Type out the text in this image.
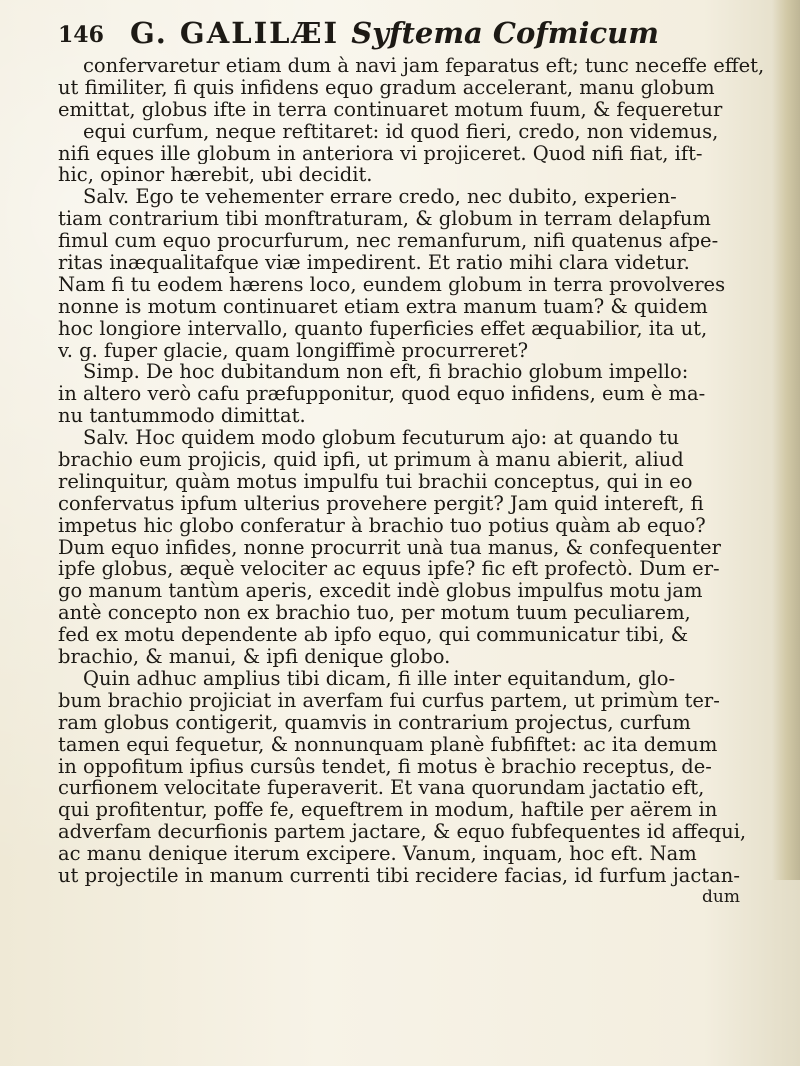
146 G. GALILÆI Syftema Cofmicum
confervaretur etiam dum à navi jam feparatus eft; tunc neceffe effet,
ut fimiliter, fi quis infidens equo gradum accelerant, manu globum
emittat, globus ifte in terra continuaret motum fuum, & fequeretur
equi curfum, neque reftitaret: id quod fieri, credo, non videmus,
nifi eques ille globum in anteriora vi projiceret. Quod nifi fiat, ift-
hic, opinor hærebit, ubi decidit.
Salv. Ego te vehementer errare credo, nec dubito, experien-
tiam contrarium tibi monftraturam, & globum in terram delapfum
fimul cum equo procurfurum, nec remanfurum, nifi quatenus afpe-
ritas inæqualitafque viæ impedirent. Et ratio mihi clara videtur.
Nam fi tu eodem hærens loco, eundem globum in terra provolveres
nonne is motum continuaret etiam extra manum tuam? & quidem
hoc longiore intervallo, quanto fuperficies effet æquabilior, ita ut,
v. g. fuper glacie, quam longiffimè procurreret?
Simp. De hoc dubitandum non eft, fi brachio globum impello:
in altero verò cafu præfupponitur, quod equo infidens, eum è ma-
nu tantummodo dimittat.
Salv. Hoc quidem modo globum fecuturum ajo: at quando tu
brachio eum projicis, quid ipfi, ut primum à manu abierit, aliud
relinquitur, quàm motus impulfu tui brachii conceptus, qui in eo
confervatus ipfum ulterius provehere pergit? Jam quid intereft, fi
impetus hic globo conferatur à brachio tuo potius quàm ab equo?
Dum equo infides, nonne procurrit unà tua manus, & confequenter
ipfe globus, æquè velociter ac equus ipfe? fic eft profectò. Dum er-
go manum tantùm aperis, excedit indè globus impulfus motu jam
antè concepto non ex brachio tuo, per motum tuum peculiarem,
fed ex motu dependente ab ipfo equo, qui communicatur tibi, &
brachio, & manui, & ipfi denique globo.
Quin adhuc amplius tibi dicam, fi ille inter equitandum, glo-
bum brachio projiciat in averfam fui curfus partem, ut primùm ter-
ram globus contigerit, quamvis in contrarium projectus, curfum
tamen equi fequetur, & nonnunquam planè fubfiftet: ac ita demum
in oppofitum ipfius cursûs tendet, fi motus è brachio receptus, de-
curfionem velocitate fuperaverit. Et vana quorundam jactatio eft,
qui profitentur, poffe fe, equeftrem in modum, haftile per aërem in
adverfam decurfionis partem jactare, & equo fubfequentes id affequi,
ac manu denique iterum excipere. Vanum, inquam, hoc eft. Nam
ut projectile in manum currenti tibi recidere facias, id furfum jactan-
dum
